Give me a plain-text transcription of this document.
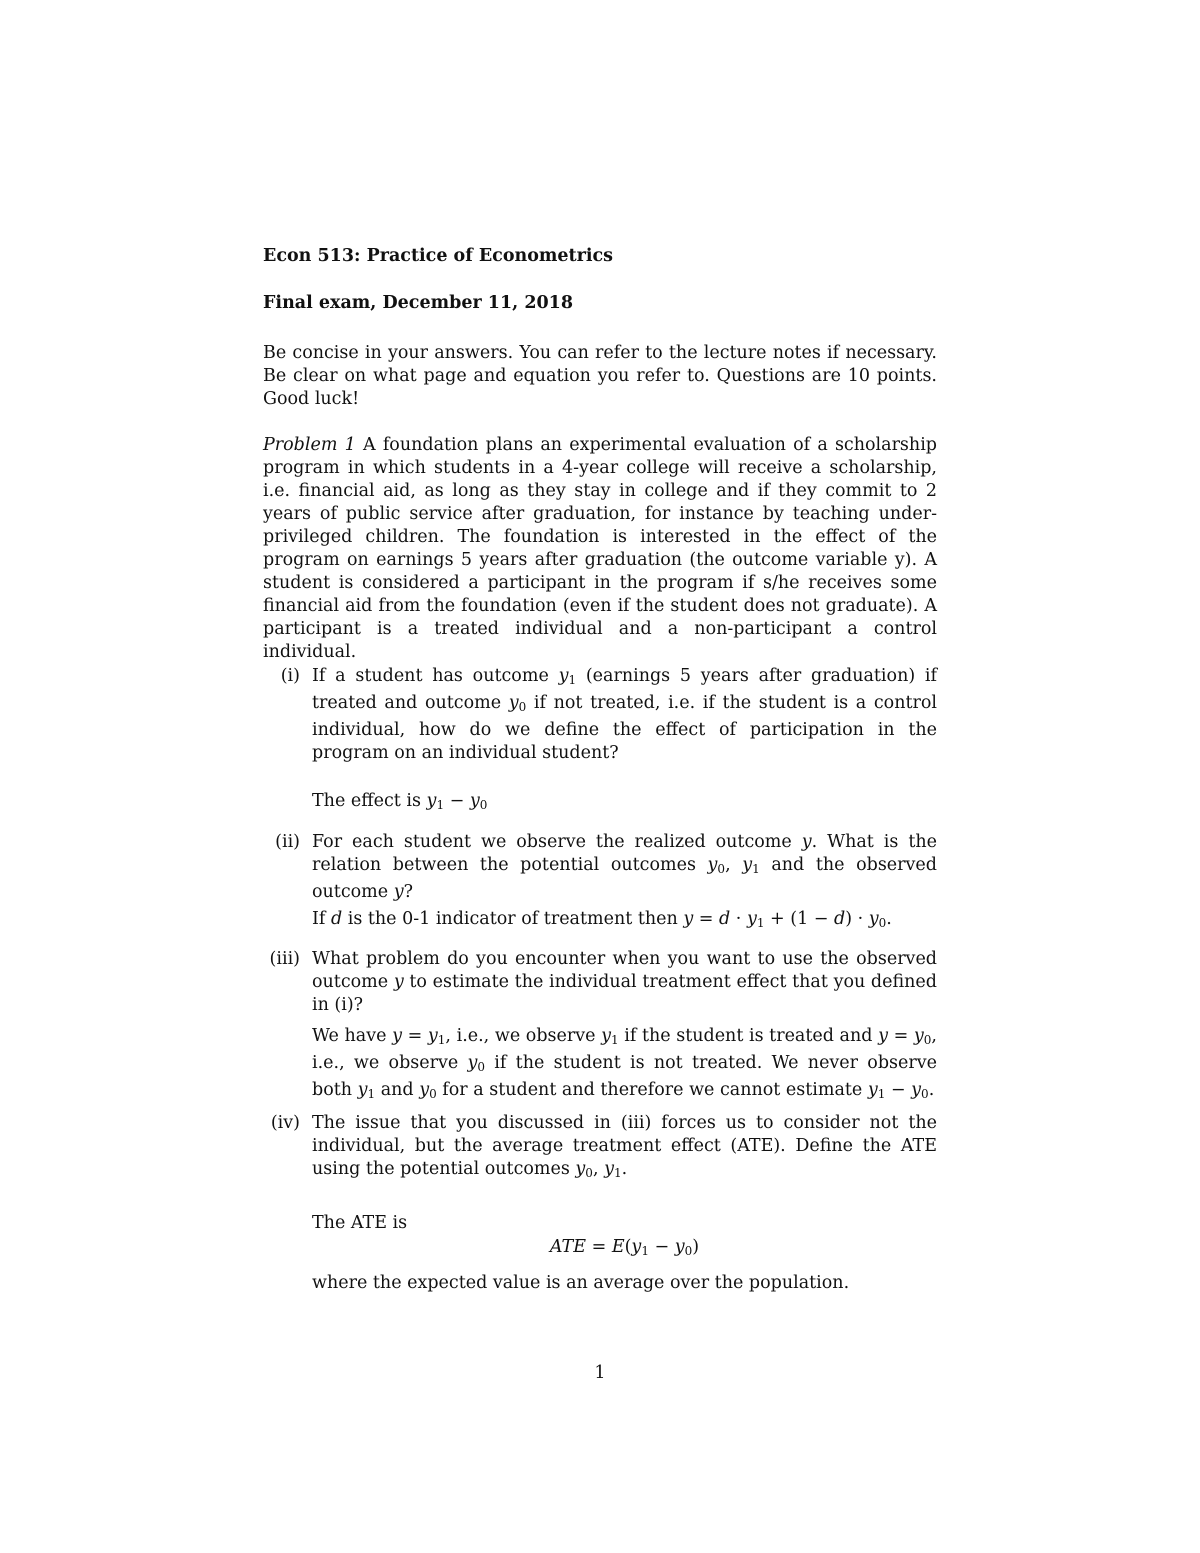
Econ 513: Practice of Econometrics
Final exam, December 11, 2018

Be concise in your answers. You can refer to the lecture notes if necessary. Be clear on what page and equation you refer to. Questions are 10 points. Good luck!

Problem 1 A foundation plans an experimental evaluation of a scholarship program in which students in a 4-year college will receive a scholarship, i.e. financial aid, as long as they stay in college and if they commit to 2 years of public service after graduation, for instance by teaching under-privileged children. The foundation is interested in the effect of the program on earnings 5 years after graduation (the outcome variable y). A student is considered a participant in the program if s/he receives some financial aid from the foundation (even if the student does not graduate). A participant is a treated individual and a non-participant a control individual.

(i) If a student has outcome $y_1$ (earnings 5 years after graduation) if treated and outcome $y_0$ if not treated, i.e. if the student is a control individual, how do we define the effect of participation in the program on an individual student?
The effect is $y_1 - y_0$
(ii) For each student we observe the realized outcome y. What is the relation between the potential outcomes $y_0$, $y_1$ and the observed outcome y?
If d is the 0-1 indicator of treatment then $y = d \cdot y_1 + (1 - d) \cdot y_0$.
(iii) What problem do you encounter when you want to use the observed outcome y to estimate the individual treatment effect that you defined in (i)?
We have $y = y_1$, i.e., we observe $y_1$ if the student is treated and $y = y_0$, i.e., we observe $y_0$ if the student is not treated. We never observe both $y_1$ and $y_0$ for a student and therefore we cannot estimate $y_1 - y_0$.
(iv) The issue that you discussed in (iii) forces us to consider not the individual, but the average treatment effect (ATE). Define the ATE using the potential outcomes $y_0$, $y_1$.
The ATE is
ATE = $E(y_1 - y_0)$
where the expected value is an average over the population.
1
